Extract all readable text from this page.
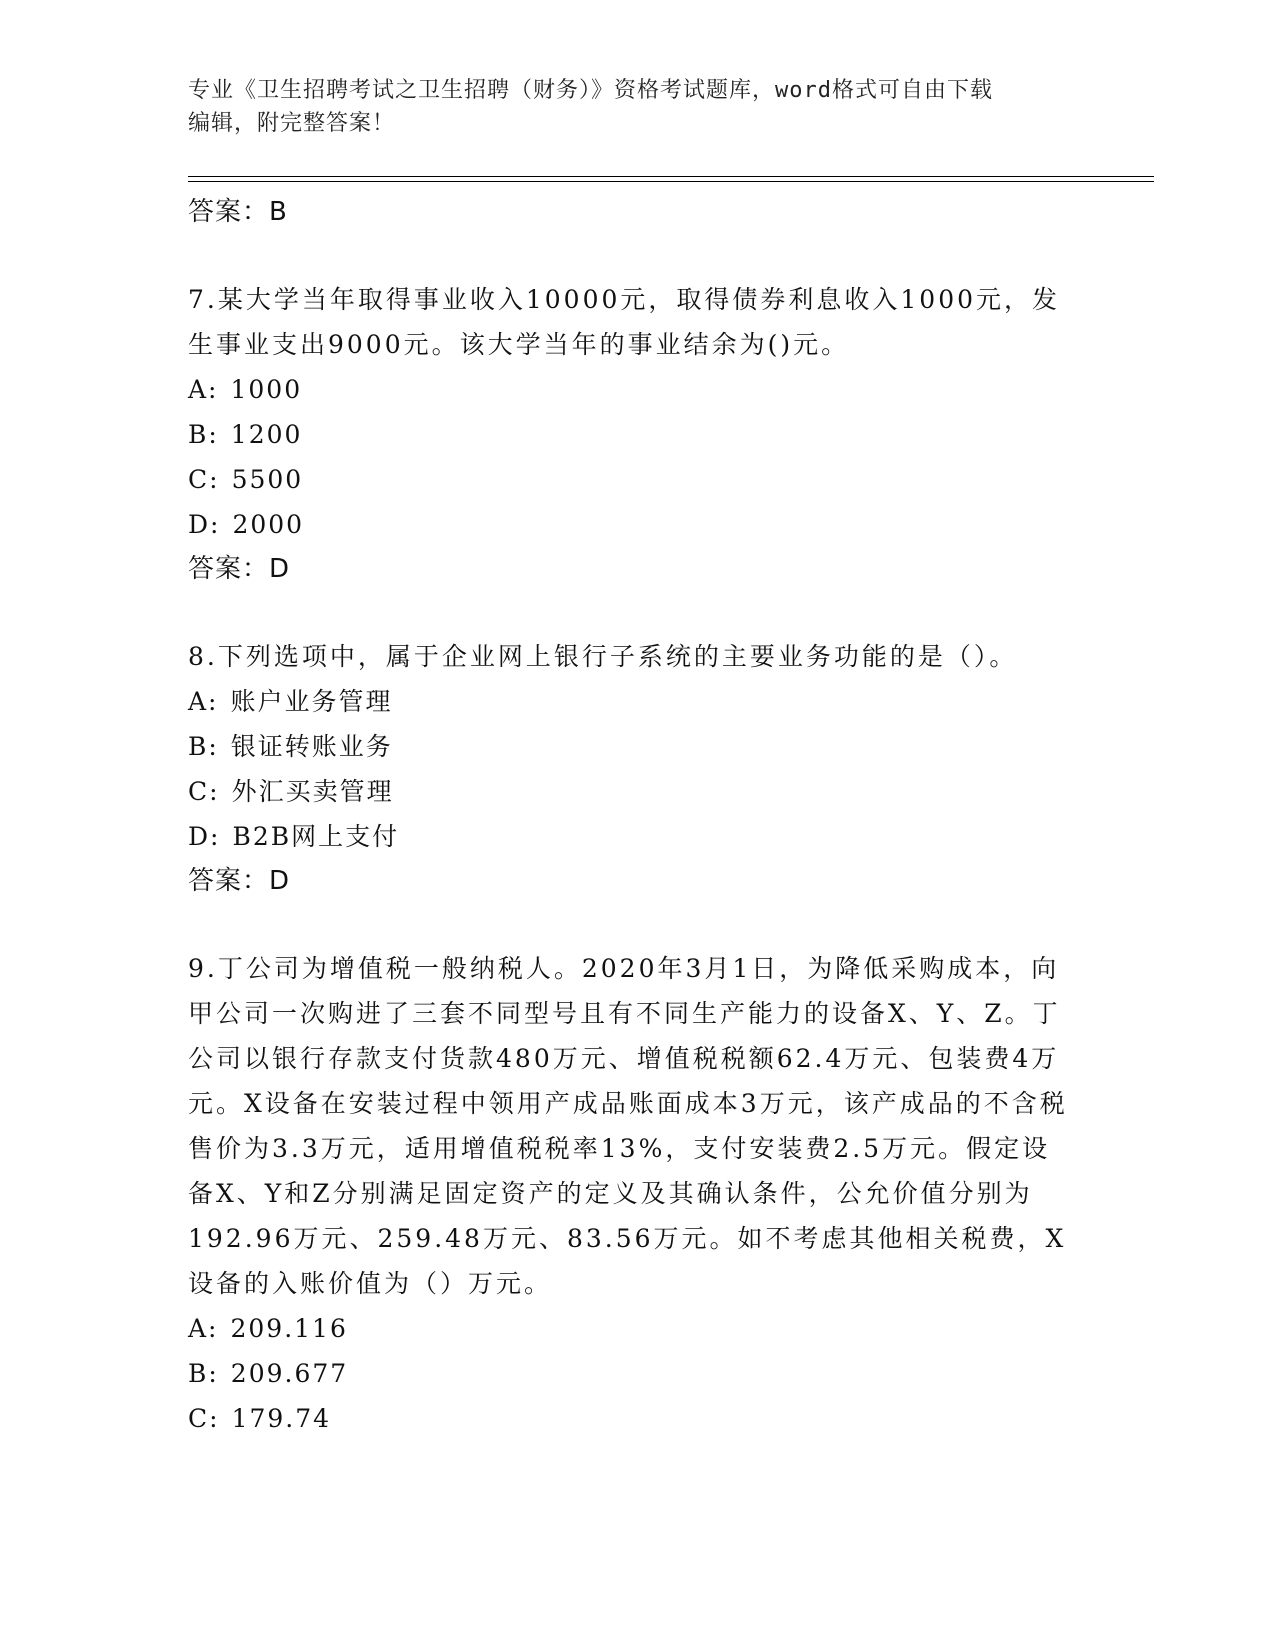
专业《卫生招聘考试之卫生招聘（财务）》资格考试题库，word格式可自由下载
编辑，附完整答案！
答案：B

7.某大学当年取得事业收入10000元，取得债券利息收入1000元，发生事业支出9000元。该大学当年的事业结余为()元。

A: 1000
B: 1200
C: 5500
D: 2000
答案：D

8.下列选项中，属于企业网上银行子系统的主要业务功能的是（）。

A: 账户业务管理
B: 银证转账业务
C: 外汇买卖管理
D: B2B网上支付
答案：D

9.丁公司为增值税一般纳税人。2020年3月1日，为降低采购成本，向甲公司一次购进了三套不同型号且有不同生产能力的设备X、Y、Z。丁公司以银行存款支付货款480万元、增值税税额62.4万元、包装费4万元。X设备在安装过程中领用产成品账面成本3万元，该产成品的不含税售价为3.3万元，适用增值税税率13%，支付安装费2.5万元。假定设备X、Y和Z分别满足固定资产的定义及其确认条件，公允价值分别为192.96万元、259.48万元、83.56万元。如不考虑其他相关税费，X设备的入账价值为（）万元。

A: 209.116
B: 209.677
C: 179.74
